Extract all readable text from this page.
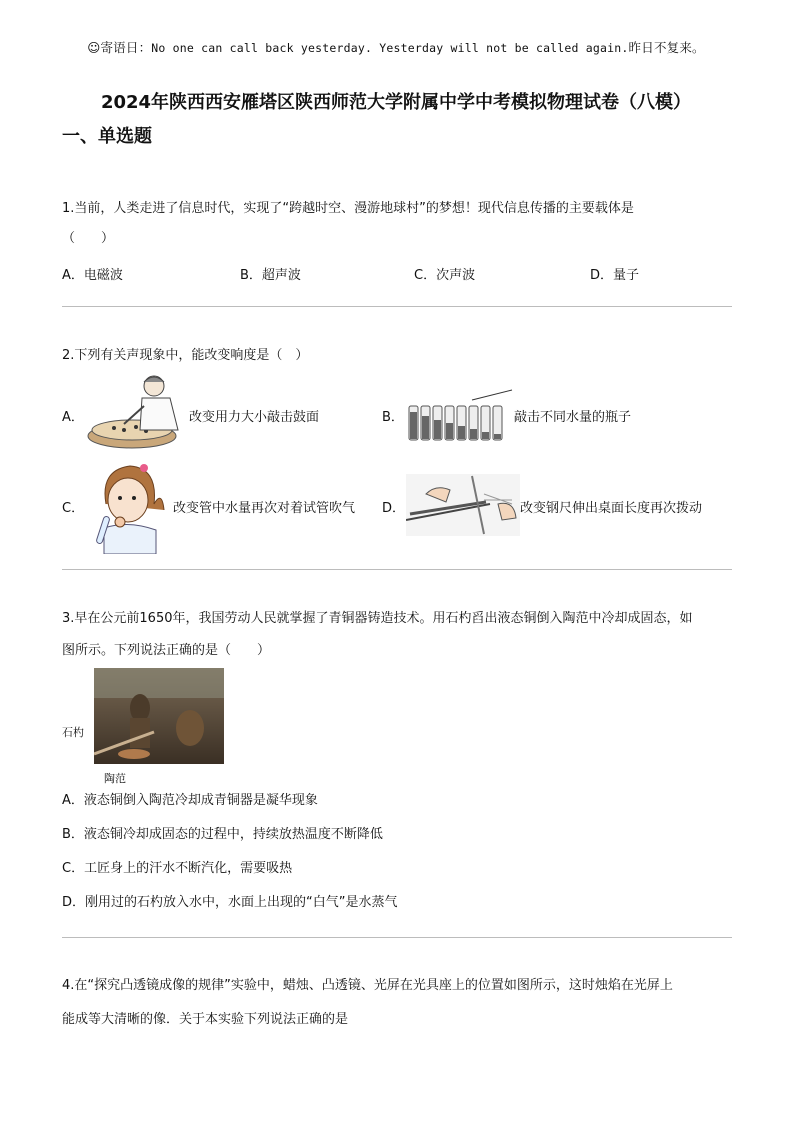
☺寄语日：No one can call back yesterday. Yesterday will not be called again.昨日不复来。
2024年陕西西安雁塔区陕西师范大学附属中学中考模拟物理试卷（八模）
一、单选题
1.当前，人类走进了信息时代，实现了“跨越时空、漫游地球村”的梦想！现代信息传播的主要载体是
（　　）
A．电磁波	B．超声波	C．次声波	D．量子
2.下列有关声现象中，能改变响度是（　）
A．	改变用力大小敲击鼓面	B．	敲击不同水量的瓶子
C．	改变管中水量再次对着试管吹气 D．	改变钢尺伸出桌面长度再次拨动
3.早在公元前1650年，我国劳动人民就掌握了青铜器铸造技术。用石杓舀出液态铜倒入陶范中冷却成固态，如
图所示。下列说法正确的是（　　）
石杓
陶范
A．液态铜倒入陶范冷却成青铜器是凝华现象
B．液态铜冷却成固态的过程中，持续放热温度不断降低
C．工匠身上的汗水不断汽化，需要吸热
D．刚用过的石杓放入水中，水面上出现的“白气”是水蒸气
4.在“探究凸透镜成像的规律”实验中，蜡烛、凸透镜、光屏在光具座上的位置如图所示，这时烛焰在光屏上
能成等大清晰的像．关于本实验下列说法正确的是
